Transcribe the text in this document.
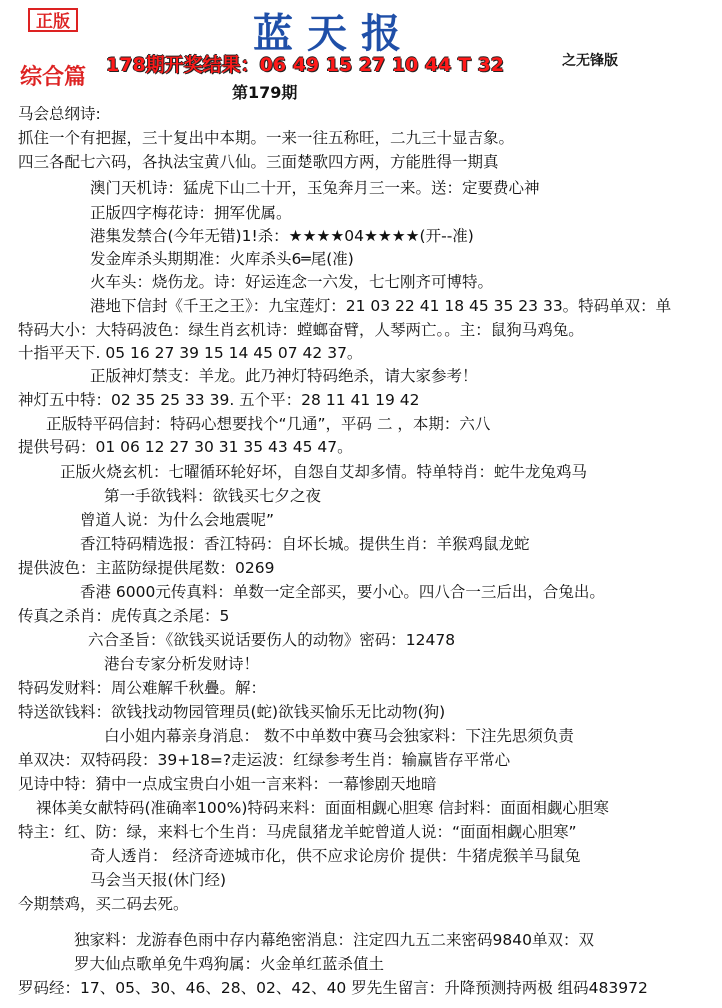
正版	蓝天报
178期开奖结果：06 49 15 27 10 44 T 32	之无锋版
综合篇
第179期
马会总纲诗:
抓住一个有把握，三十复出中本期。一来一往五称旺，二九三十显吉象。
四三各配七六码，各执法宝黄八仙。三面楚歌四方两，方能胜得一期真
澳门天机诗：猛虎下山二十开，玉兔奔月三一来。送：定要费心神
正版四字梅花诗：拥军优属。
港集发禁合(今年无错)1!杀：★★★★04★★★★(开--准)
发金库杀头期期准：火库杀头6═尾(准)
火车头：烧伤龙。诗：好运连念一六发，七七刚齐可博特。
港地下信封《千王之王》：九宝莲灯：21 03 22 41 18 45 35 23 33。特码单双：单
特码大小：大特码波色：绿生肖玄机诗：螳螂奋臂，人琴两亡。。主：鼠狗马鸡兔。
十指平天下. 05 16 27 39 15 14 45 07 42 37。
正版神灯禁支：羊龙。此乃神灯特码绝杀，请大家参考！
神灯五中特：02 35 25 33 39. 五个平：28 11 41 19 42
正版特平码信封：特码心想要找个“几通”，平码 二 ，本期：六八
提供号码：01 06 12 27 30 31 35 43 45 47。
正版火烧玄机：七曜循环轮好坏，自怨自艾却多情。特单特肖：蛇牛龙兔鸡马
第一手欲钱料：欲钱买七夕之夜
曾道人说：为什么会地震呢”
香江特码精选报：香江特码：自坏长城。提供生肖：羊猴鸡鼠龙蛇
提供波色：主蓝防绿提供尾数：0269
香港 6000元传真料：单数一定全部买，要小心。四八合一三后出，合兔出。
传真之杀肖：虎传真之杀尾：5
六合圣旨：《欲钱买说话要伤人的动物》密码：12478
港台专家分析发财诗！
特码发财料：周公难解千秋疊。解：
特送欲钱料：欲钱找动物园管理员(蛇)欲钱买愉乐无比动物(狗)
白小姐内幕亲身消息： 数不中单数中赛马会独家料：下注先思须负责
单双决：双特码段：39+18=?走运波：红绿参考生肖：输赢皆存平常心
见诗中特：猜中一点成宝贵白小姐一言来料：一幕惨剧天地暗
裸体美女献特码(准确率100%)特码来料：面面相觑心胆寒 信封料：面面相觑心胆寒
特主：红、防：绿，来料七个生肖：马虎鼠猪龙羊蛇曾道人说：“面面相觑心胆寒”
奇人透肖： 经济奇迹城市化，供不应求论房价 提供：牛猪虎猴羊马鼠兔
马会当天报(休门经)
今期禁鸡，买二码去死。
独家料：龙游春色雨中存内幕绝密消息：注定四九五二来密码9840单双：双
罗大仙点歌单免牛鸡狗属：火金单红蓝杀值土
罗码经：17、05、30、46、28、02、42、40 罗先生留言：升降预测持两极 组码483972
